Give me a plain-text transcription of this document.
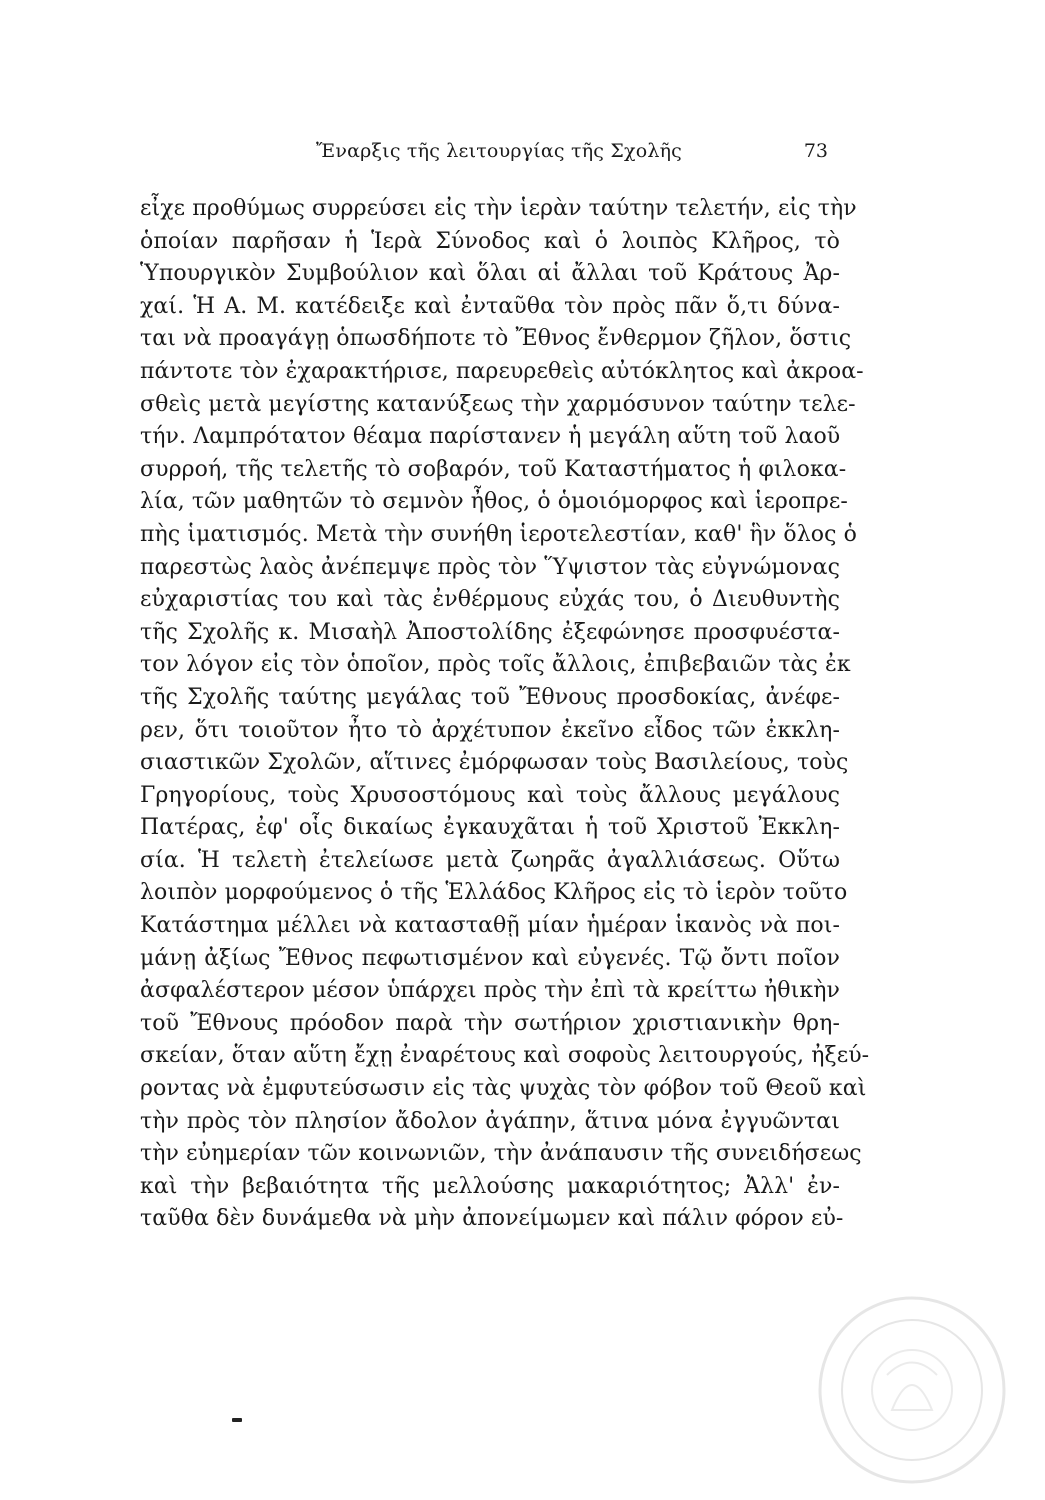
Ἔναρξις τῆς λειτουργίας τῆς Σχολῆς	73
εἶχε προθύμως συρρεύσει εἰς τὴν ἱερὰν ταύτην τελετήν, εἰς τὴν
ὁποίαν παρῆσαν ἡ Ἱερὰ Σύνοδος καὶ ὁ λοιπὸς Κλῆρος, τὸ
Ὑπουργικὸν Συμβούλιον καὶ ὅλαι αἱ ἄλλαι τοῦ Κράτους Ἀρ-
χαί. Ἡ Α. Μ. κατέδειξε καὶ ἐνταῦθα τὸν πρὸς πᾶν ὅ,τι δύνα-
ται νὰ προαγάγῃ ὁπωσδήποτε τὸ Ἔθνος ἔνθερμον ζῆλον, ὅστις
πάντοτε τὸν ἐχαρακτήρισε, παρευρεθεὶς αὐτόκλητος καὶ ἀκροα-
σθεὶς μετὰ μεγίστης κατανύξεως τὴν χαρμόσυνον ταύτην τελε-
τήν. Λαμπρότατον θέαμα παρίστανεν ἡ μεγάλη αὕτη τοῦ λαοῦ
συρροή, τῆς τελετῆς τὸ σοβαρόν, τοῦ Καταστήματος ἡ φιλοκα-
λία, τῶν μαθητῶν τὸ σεμνὸν ἦθος, ὁ ὁμοιόμορφος καὶ ἱεροπρε-
πὴς ἱματισμός. Μετὰ τὴν συνήθη ἱεροτελεστίαν, καθ' ἣν ὅλος ὁ
παρεστὼς λαὸς ἀνέπεμψε πρὸς τὸν Ὕψιστον τὰς εὐγνώμονας
εὐχαριστίας του καὶ τὰς ἐνθέρμους εὐχάς του, ὁ Διευθυντὴς
τῆς Σχολῆς κ. Μισαὴλ Ἀποστολίδης ἐξεφώνησε προσφυέστα-
τον λόγον εἰς τὸν ὁποῖον, πρὸς τοῖς ἄλλοις, ἐπιβεβαιῶν τὰς ἐκ
τῆς Σχολῆς ταύτης μεγάλας τοῦ Ἔθνους προσδοκίας, ἀνέφε-
ρεν, ὅτι τοιοῦτον ἦτο τὸ ἀρχέτυπον ἐκεῖνο εἶδος τῶν ἐκκλη-
σιαστικῶν Σχολῶν, αἵτινες ἐμόρφωσαν τοὺς Βασιλείους, τοὺς
Γρηγορίους, τοὺς Χρυσοστόμους καὶ τοὺς ἄλλους μεγάλους
Πατέρας, ἐφ' οἷς δικαίως ἐγκαυχᾶται ἡ τοῦ Χριστοῦ Ἐκκλη-
σία. Ἡ τελετὴ ἐτελείωσε μετὰ ζωηρᾶς ἀγαλλιάσεως. Οὕτω
λοιπὸν μορφούμενος ὁ τῆς Ἑλλάδος Κλῆρος εἰς τὸ ἱερὸν τοῦτο
Κατάστημα μέλλει νὰ κατασταθῇ μίαν ἡμέραν ἱκανὸς νὰ ποι-
μάνῃ ἀξίως Ἔθνος πεφωτισμένον καὶ εὐγενές. Τῷ ὄντι ποῖον
ἀσφαλέστερον μέσον ὑπάρχει πρὸς τὴν ἐπὶ τὰ κρείττω ἠθικὴν
τοῦ Ἔθνους πρόοδον παρὰ τὴν σωτήριον χριστιανικὴν θρη-
σκείαν, ὅταν αὕτη ἔχῃ ἐναρέτους καὶ σοφοὺς λειτουργούς, ἠξεύ-
ροντας νὰ ἐμφυτεύσωσιν εἰς τὰς ψυχὰς τὸν φόβον τοῦ Θεοῦ καὶ
τὴν πρὸς τὸν πλησίον ἄδολον ἀγάπην, ἅτινα μόνα ἐγγυῶνται
τὴν εὐημερίαν τῶν κοινωνιῶν, τὴν ἀνάπαυσιν τῆς συνειδήσεως
καὶ τὴν βεβαιότητα τῆς μελλούσης μακαριότητος; Ἀλλ' ἐν-
ταῦθα δὲν δυνάμεθα νὰ μὴν ἀπονείμωμεν καὶ πάλιν φόρον εὐ-
